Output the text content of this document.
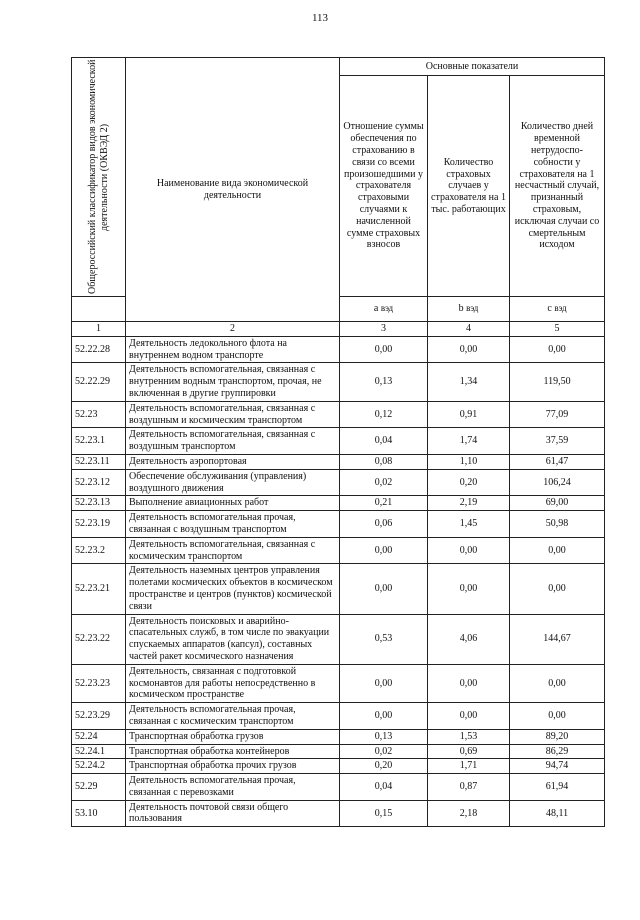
113
Общероссийский классификатор видов экономической деятельности (ОКВЭД 2)	Наименование вида экономической деятельности	Основные показатели		
		Отношение суммы обеспечения по страхованию в связи со всеми произошедшими у страхователя страховыми случаями к начисленной сумме страховых взносов	Количество страховых случаев у страхователя на 1 тыс. работающих	Количество дней временной нетрудоспо-собности у страхователя на 1 несчастный случай, признанный страховым, исключая случаи со смертельным исходом
		a вэд	b вэд	c вэд
1	2	3	4	5
52.22.28	Деятельность ледокольного флота на внутреннем водном транспорте	0,00	0,00	0,00
52.22.29	Деятельность вспомогательная, связанная с внутренним водным транспортом, прочая, не включенная в другие группировки	0,13	1,34	119,50
52.23	Деятельность вспомогательная, связанная с воздушным и космическим транспортом	0,12	0,91	77,09
52.23.1	Деятельность вспомогательная, связанная с воздушным транспортом	0,04	1,74	37,59
52.23.11	Деятельность аэропортовая	0,08	1,10	61,47
52.23.12	Обеспечение обслуживания (управления) воздушного движения	0,02	0,20	106,24
52.23.13	Выполнение авиационных работ	0,21	2,19	69,00
52.23.19	Деятельность вспомогательная прочая, связанная с воздушным транспортом	0,06	1,45	50,98
52.23.2	Деятельность вспомогательная, связанная с космическим транспортом	0,00	0,00	0,00
52.23.21	Деятельность наземных центров управления полетами космических объектов в космическом пространстве и центров (пунктов) космической связи	0,00	0,00	0,00
52.23.22	Деятельность поисковых и аварийно-спасательных служб, в том числе по эвакуации спускаемых аппаратов (капсул), составных частей ракет космического назначения	0,53	4,06	144,67
52.23.23	Деятельность, связанная с подготовкой космонавтов для работы непосредственно в космическом пространстве	0,00	0,00	0,00
52.23.29	Деятельность вспомогательная прочая, связанная с космическим транспортом	0,00	0,00	0,00
52.24	Транспортная обработка грузов	0,13	1,53	89,20
52.24.1	Транспортная обработка контейнеров	0,02	0,69	86,29
52.24.2	Транспортная обработка прочих грузов	0,20	1,71	94,74
52.29	Деятельность вспомогательная прочая, связанная с перевозками	0,04	0,87	61,94
53.10	Деятельность почтовой связи общего пользования	0,15	2,18	48,11
